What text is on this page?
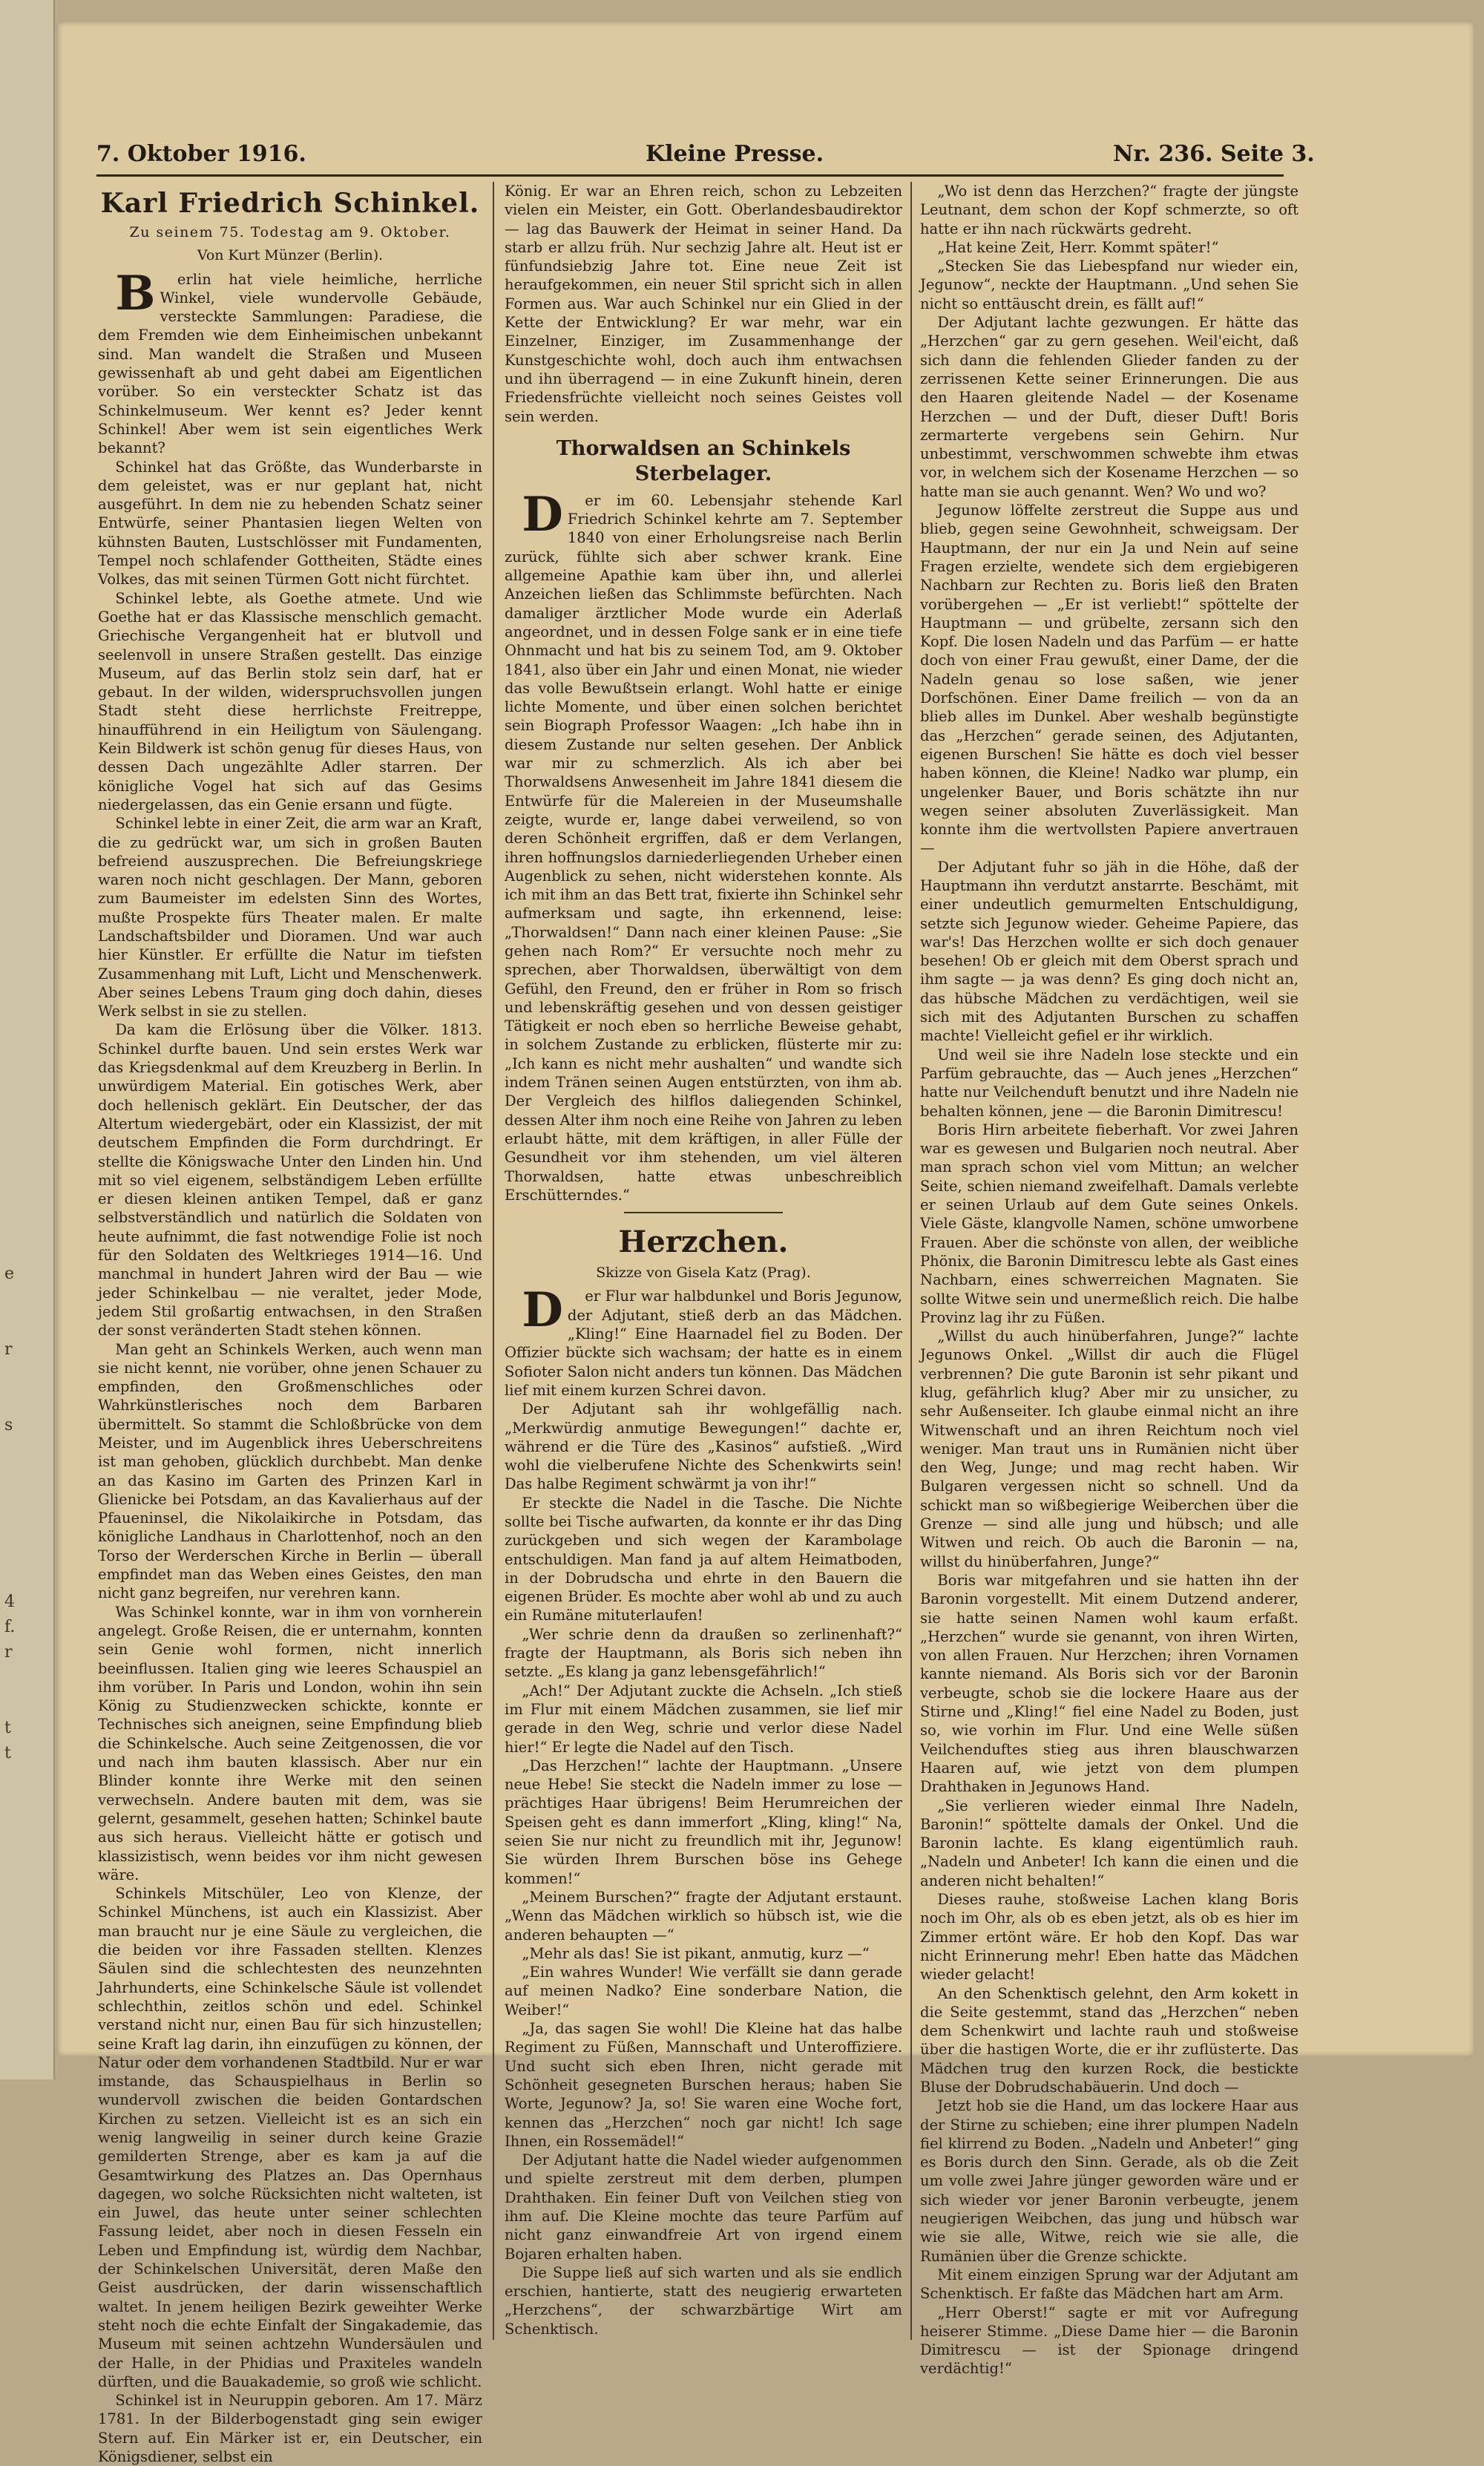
e

r

s

4
f.
r

t
t
7. Oktober 1916.	Kleine Presse.	Nr. 236. Seite 3.
Karl Friedrich Schinkel.
Zu seinem 75. Todestag am 9. Oktober.
Von Kurt Münzer (Berlin).

Berlin hat viele heimliche, herrliche Winkel, viele wundervolle Gebäude, versteckte Sammlungen: Paradiese, die dem Fremden wie dem Einheimischen unbekannt sind. Man wandelt die Straßen und Museen gewissenhaft ab und geht dabei am Eigentlichen vorüber. So ein versteckter Schatz ist das Schinkelmuseum. Wer kennt es? Jeder kennt Schinkel! Aber wem ist sein eigentliches Werk bekannt?

Schinkel hat das Größte, das Wunderbarste in dem geleistet, was er nur geplant hat, nicht ausgeführt. In dem nie zu hebenden Schatz seiner Entwürfe, seiner Phantasien liegen Welten von kühnsten Bauten, Lustschlösser mit Fundamenten, Tempel noch schlafender Gottheiten, Städte eines Volkes, das mit seinen Türmen Gott nicht fürchtet.

Schinkel lebte, als Goethe atmete. Und wie Goethe hat er das Klassische menschlich gemacht. Griechische Vergangenheit hat er blutvoll und seelenvoll in unsere Straßen gestellt. Das einzige Museum, auf das Berlin stolz sein darf, hat er gebaut. In der wilden, widerspruchsvollen jungen Stadt steht diese herrlichste Freitreppe, hinaufführend in ein Heiligtum von Säulengang. Kein Bildwerk ist schön genug für dieses Haus, von dessen Dach ungezählte Adler starren. Der königliche Vogel hat sich auf das Gesims niedergelassen, das ein Genie ersann und fügte.

Schinkel lebte in einer Zeit, die arm war an Kraft, die zu gedrückt war, um sich in großen Bauten befreiend auszusprechen. Die Befreiungskriege waren noch nicht geschlagen. Der Mann, geboren zum Baumeister im edelsten Sinn des Wortes, mußte Prospekte fürs Theater malen. Er malte Landschaftsbilder und Dioramen. Und war auch hier Künstler. Er erfüllte die Natur im tiefsten Zusammenhang mit Luft, Licht und Menschenwerk. Aber seines Lebens Traum ging doch dahin, dieses Werk selbst in sie zu stellen.

Da kam die Erlösung über die Völker. 1813. Schinkel durfte bauen. Und sein erstes Werk war das Kriegsdenkmal auf dem Kreuzberg in Berlin. In unwürdigem Material. Ein gotisches Werk, aber doch hellenisch geklärt. Ein Deutscher, der das Altertum wiedergebärt, oder ein Klassizist, der mit deutschem Empfinden die Form durchdringt. Er stellte die Königswache Unter den Linden hin. Und mit so viel eigenem, selbständigem Leben erfüllte er diesen kleinen antiken Tempel, daß er ganz selbstverständlich und natürlich die Soldaten von heute aufnimmt, die fast notwendige Folie ist noch für den Soldaten des Weltkrieges 1914—16. Und manchmal in hundert Jahren wird der Bau — wie jeder Schinkelbau — nie veraltet, jeder Mode, jedem Stil großartig entwachsen, in den Straßen der sonst veränderten Stadt stehen können.

Man geht an Schinkels Werken, auch wenn man sie nicht kennt, nie vorüber, ohne jenen Schauer zu empfinden, den Großmenschliches oder Wahrkünstlerisches noch dem Barbaren übermittelt. So stammt die Schloßbrücke von dem Meister, und im Augenblick ihres Ueberschreitens ist man gehoben, glücklich durchbebt. Man denke an das Kasino im Garten des Prinzen Karl in Glienicke bei Potsdam, an das Kavalierhaus auf der Pfaueninsel, die Nikolaikirche in Potsdam, das königliche Landhaus in Charlottenhof, noch an den Torso der Werderschen Kirche in Berlin — überall empfindet man das Weben eines Geistes, den man nicht ganz begreifen, nur verehren kann.

Was Schinkel konnte, war in ihm von vornherein angelegt. Große Reisen, die er unternahm, konnten sein Genie wohl formen, nicht innerlich beeinflussen. Italien ging wie leeres Schauspiel an ihm vorüber. In Paris und London, wohin ihn sein König zu Studienzwecken schickte, konnte er Technisches sich aneignen, seine Empfindung blieb die Schinkelsche. Auch seine Zeitgenossen, die vor und nach ihm bauten klassisch. Aber nur ein Blinder konnte ihre Werke mit den seinen verwechseln. Andere bauten mit dem, was sie gelernt, gesammelt, gesehen hatten; Schinkel baute aus sich heraus. Vielleicht hätte er gotisch und klassizistisch, wenn beides vor ihm nicht gewesen wäre.

Schinkels Mitschüler, Leo von Klenze, der Schinkel Münchens, ist auch ein Klassizist. Aber man braucht nur je eine Säule zu vergleichen, die die beiden vor ihre Fassaden stellten. Klenzes Säulen sind die schlechtesten des neunzehnten Jahrhunderts, eine Schinkelsche Säule ist vollendet schlechthin, zeitlos schön und edel. Schinkel verstand nicht nur, einen Bau für sich hinzustellen; seine Kraft lag darin, ihn einzufügen zu können, der Natur oder dem vorhandenen Stadtbild. Nur er war imstande, das Schauspielhaus in Berlin so wundervoll zwischen die beiden Gontardschen Kirchen zu setzen. Vielleicht ist es an sich ein wenig langweilig in seiner durch keine Grazie gemilderten Strenge, aber es kam ja auf die Gesamtwirkung des Platzes an. Das Opernhaus dagegen, wo solche Rücksichten nicht walteten, ist ein Juwel, das heute unter seiner schlechten Fassung leidet, aber noch in diesen Fesseln ein Leben und Empfindung ist, würdig dem Nachbar, der Schinkelschen Universität, deren Maße den Geist ausdrücken, der darin wissenschaftlich waltet. In jenem heiligen Bezirk geweihter Werke steht noch die echte Einfalt der Singakademie, das Museum mit seinen achtzehn Wundersäulen und der Halle, in der Phidias und Praxiteles wandeln dürften, und die Bauakademie, so groß wie schlicht.

Schinkel ist in Neuruppin geboren. Am 17. März 1781. In der Bilderbogenstadt ging sein ewiger Stern auf. Ein Märker ist er, ein Deutscher, ein Königsdiener, selbst ein

König. Er war an Ehren reich, schon zu Lebzeiten vielen ein Meister, ein Gott. Oberlandesbaudirektor — lag das Bauwerk der Heimat in seiner Hand. Da starb er allzu früh. Nur sechzig Jahre alt. Heut ist er fünfundsiebzig Jahre tot. Eine neue Zeit ist heraufgekommen, ein neuer Stil spricht sich in allen Formen aus. War auch Schinkel nur ein Glied in der Kette der Entwicklung? Er war mehr, war ein Einzelner, Einziger, im Zusammenhange der Kunstgeschichte wohl, doch auch ihm entwachsen und ihn überragend — in eine Zukunft hinein, deren Friedensfrüchte vielleicht noch seines Geistes voll sein werden.

Thorwaldsen an Schinkels Sterbelager.

Der im 60. Lebensjahr stehende Karl Friedrich Schinkel kehrte am 7. September 1840 von einer Erholungsreise nach Berlin zurück, fühlte sich aber schwer krank. Eine allgemeine Apathie kam über ihn, und allerlei Anzeichen ließen das Schlimmste befürchten. Nach damaliger ärztlicher Mode wurde ein Aderlaß angeordnet, und in dessen Folge sank er in eine tiefe Ohnmacht und hat bis zu seinem Tod, am 9. Oktober 1841, also über ein Jahr und einen Monat, nie wieder das volle Bewußtsein erlangt. Wohl hatte er einige lichte Momente, und über einen solchen berichtet sein Biograph Professor Waagen: „Ich habe ihn in diesem Zustande nur selten gesehen. Der Anblick war mir zu schmerzlich. Als ich aber bei Thorwaldsens Anwesenheit im Jahre 1841 diesem die Entwürfe für die Malereien in der Museumshalle zeigte, wurde er, lange dabei verweilend, so von deren Schönheit ergriffen, daß er dem Verlangen, ihren hoffnungslos darniederliegenden Urheber einen Augenblick zu sehen, nicht widerstehen konnte. Als ich mit ihm an das Bett trat, fixierte ihn Schinkel sehr aufmerksam und sagte, ihn erkennend, leise: „Thorwaldsen!“ Dann nach einer kleinen Pause: „Sie gehen nach Rom?“ Er versuchte noch mehr zu sprechen, aber Thorwaldsen, überwältigt von dem Gefühl, den Freund, den er früher in Rom so frisch und lebenskräftig gesehen und von dessen geistiger Tätigkeit er noch eben so herrliche Beweise gehabt, in solchem Zustande zu erblicken, flüsterte mir zu: „Ich kann es nicht mehr aushalten“ und wandte sich indem Tränen seinen Augen entstürzten, von ihm ab. Der Vergleich des hilflos daliegenden Schinkel, dessen Alter ihm noch eine Reihe von Jahren zu leben erlaubt hätte, mit dem kräftigen, in aller Fülle der Gesundheit vor ihm stehenden, um viel älteren Thorwaldsen, hatte etwas unbeschreiblich Erschütterndes.“

Herzchen.
Skizze von Gisela Katz (Prag).

Der Flur war halbdunkel und Boris Jegunow, der Adjutant, stieß derb an das Mädchen. „Kling!“ Eine Haarnadel fiel zu Boden. Der Offizier bückte sich wachsam; der hatte es in einem Sofioter Salon nicht anders tun können. Das Mädchen lief mit einem kurzen Schrei davon.

Der Adjutant sah ihr wohlgefällig nach. „Merkwürdig anmutige Bewegungen!“ dachte er, während er die Türe des „Kasinos“ aufstieß. „Wird wohl die vielberufene Nichte des Schenkwirts sein! Das halbe Regiment schwärmt ja von ihr!“

Er steckte die Nadel in die Tasche. Die Nichte sollte bei Tische aufwarten, da konnte er ihr das Ding zurückgeben und sich wegen der Karambolage entschuldigen. Man fand ja auf altem Heimatboden, in der Dobrudscha und ehrte in den Bauern die eigenen Brüder. Es mochte aber wohl ab und zu auch ein Rumäne mituterlaufen!

„Wer schrie denn da draußen so zerlinenhaft?“ fragte der Hauptmann, als Boris sich neben ihn setzte. „Es klang ja ganz lebensgefährlich!“

„Ach!“ Der Adjutant zuckte die Achseln. „Ich stieß im Flur mit einem Mädchen zusammen, sie lief mir gerade in den Weg, schrie und verlor diese Nadel hier!“ Er legte die Nadel auf den Tisch.

„Das Herzchen!“ lachte der Hauptmann. „Unsere neue Hebe! Sie steckt die Nadeln immer zu lose — prächtiges Haar übrigens! Beim Herumreichen der Speisen geht es dann immerfort „Kling, kling!“ Na, seien Sie nur nicht zu freundlich mit ihr, Jegunow! Sie würden Ihrem Burschen böse ins Gehege kommen!“

„Meinem Burschen?“ fragte der Adjutant erstaunt. „Wenn das Mädchen wirklich so hübsch ist, wie die anderen behaupten —“

„Mehr als das! Sie ist pikant, anmutig, kurz —“

„Ein wahres Wunder! Wie verfällt sie dann gerade auf meinen Nadko? Eine sonderbare Nation, die Weiber!“

„Ja, das sagen Sie wohl! Die Kleine hat das halbe Regiment zu Füßen, Mannschaft und Unteroffiziere. Und sucht sich eben Ihren, nicht gerade mit Schönheit gesegneten Burschen heraus; haben Sie Worte, Jegunow? Ja, so! Sie waren eine Woche fort, kennen das „Herzchen“ noch gar nicht! Ich sage Ihnen, ein Rossemädel!“

Der Adjutant hatte die Nadel wieder aufgenommen und spielte zerstreut mit dem derben, plumpen Drahthaken. Ein feiner Duft von Veilchen stieg von ihm auf. Die Kleine mochte das teure Parfüm auf nicht ganz einwandfreie Art von irgend einem Bojaren erhalten haben.

Die Suppe ließ auf sich warten und als sie endlich erschien, hantierte, statt des neugierig erwarteten „Herzchens“, der schwarzbärtige Wirt am Schenktisch.

„Wo ist denn das Herzchen?“ fragte der jüngste Leutnant, dem schon der Kopf schmerzte, so oft hatte er ihn nach rückwärts gedreht.

„Hat keine Zeit, Herr. Kommt später!“

„Stecken Sie das Liebespfand nur wieder ein, Jegunow“, neckte der Hauptmann. „Und sehen Sie nicht so enttäuscht drein, es fällt auf!“

Der Adjutant lachte gezwungen. Er hätte das „Herzchen“ gar zu gern gesehen. Weil'eicht, daß sich dann die fehlenden Glieder fanden zu der zerrissenen Kette seiner Erinnerungen. Die aus den Haaren gleitende Nadel — der Kosename Herzchen — und der Duft, dieser Duft! Boris zermarterte vergebens sein Gehirn. Nur unbestimmt, verschwommen schwebte ihm etwas vor, in welchem sich der Kosename Herzchen — so hatte man sie auch genannt. Wen? Wo und wo?

Jegunow löffelte zerstreut die Suppe aus und blieb, gegen seine Gewohnheit, schweigsam. Der Hauptmann, der nur ein Ja und Nein auf seine Fragen erzielte, wendete sich dem ergiebigeren Nachbarn zur Rechten zu. Boris ließ den Braten vorübergehen — „Er ist verliebt!“ spöttelte der Hauptmann — und grübelte, zersann sich den Kopf. Die losen Nadeln und das Parfüm — er hatte doch von einer Frau gewußt, einer Dame, der die Nadeln genau so lose saßen, wie jener Dorfschönen. Einer Dame freilich — von da an blieb alles im Dunkel. Aber weshalb begünstigte das „Herzchen“ gerade seinen, des Adjutanten, eigenen Burschen! Sie hätte es doch viel besser haben können, die Kleine! Nadko war plump, ein ungelenker Bauer, und Boris schätzte ihn nur wegen seiner absoluten Zuverlässigkeit. Man konnte ihm die wertvollsten Papiere anvertrauen —

Der Adjutant fuhr so jäh in die Höhe, daß der Hauptmann ihn verdutzt anstarrte. Beschämt, mit einer undeutlich gemurmelten Entschuldigung, setzte sich Jegunow wieder. Geheime Papiere, das war's! Das Herzchen wollte er sich doch genauer besehen! Ob er gleich mit dem Oberst sprach und ihm sagte — ja was denn? Es ging doch nicht an, das hübsche Mädchen zu verdächtigen, weil sie sich mit des Adjutanten Burschen zu schaffen machte! Vielleicht gefiel er ihr wirklich.

Und weil sie ihre Nadeln lose steckte und ein Parfüm gebrauchte, das — Auch jenes „Herzchen“ hatte nur Veilchenduft benutzt und ihre Nadeln nie behalten können, jene — die Baronin Dimitrescu!

Boris Hirn arbeitete fieberhaft. Vor zwei Jahren war es gewesen und Bulgarien noch neutral. Aber man sprach schon viel vom Mittun; an welcher Seite, schien niemand zweifelhaft. Damals verlebte er seinen Urlaub auf dem Gute seines Onkels. Viele Gäste, klangvolle Namen, schöne umworbene Frauen. Aber die schönste von allen, der weibliche Phönix, die Baronin Dimitrescu lebte als Gast eines Nachbarn, eines schwerreichen Magnaten. Sie sollte Witwe sein und unermeßlich reich. Die halbe Provinz lag ihr zu Füßen.

„Willst du auch hinüberfahren, Junge?“ lachte Jegunows Onkel. „Willst dir auch die Flügel verbrennen? Die gute Baronin ist sehr pikant und klug, gefährlich klug? Aber mir zu unsicher, zu sehr Außenseiter. Ich glaube einmal nicht an ihre Witwenschaft und an ihren Reichtum noch viel weniger. Man traut uns in Rumänien nicht über den Weg, Junge; und mag recht haben. Wir Bulgaren vergessen nicht so schnell. Und da schickt man so wißbegierige Weiberchen über die Grenze — sind alle jung und hübsch; und alle Witwen und reich. Ob auch die Baronin — na, willst du hinüberfahren, Junge?“

Boris war mitgefahren und sie hatten ihn der Baronin vorgestellt. Mit einem Dutzend anderer, sie hatte seinen Namen wohl kaum erfaßt. „Herzchen“ wurde sie genannt, von ihren Wirten, von allen Frauen. Nur Herzchen; ihren Vornamen kannte niemand. Als Boris sich vor der Baronin verbeugte, schob sie die lockere Haare aus der Stirne und „Kling!“ fiel eine Nadel zu Boden, just so, wie vorhin im Flur. Und eine Welle süßen Veilchenduftes stieg aus ihren blauschwarzen Haaren auf, wie jetzt von dem plumpen Drahthaken in Jegunows Hand.

„Sie verlieren wieder einmal Ihre Nadeln, Baronin!“ spöttelte damals der Onkel. Und die Baronin lachte. Es klang eigentümlich rauh. „Nadeln und Anbeter! Ich kann die einen und die anderen nicht behalten!“

Dieses rauhe, stoßweise Lachen klang Boris noch im Ohr, als ob es eben jetzt, als ob es hier im Zimmer ertönt wäre. Er hob den Kopf. Das war nicht Erinnerung mehr! Eben hatte das Mädchen wieder gelacht!

An den Schenktisch gelehnt, den Arm kokett in die Seite gestemmt, stand das „Herzchen“ neben dem Schenkwirt und lachte rauh und stoßweise über die hastigen Worte, die er ihr zuflüsterte. Das Mädchen trug den kurzen Rock, die bestickte Bluse der Dobrudschabäuerin. Und doch —

Jetzt hob sie die Hand, um das lockere Haar aus der Stirne zu schieben; eine ihrer plumpen Nadeln fiel klirrend zu Boden. „Nadeln und Anbeter!“ ging es Boris durch den Sinn. Gerade, als ob die Zeit um volle zwei Jahre jünger geworden wäre und er sich wieder vor jener Baronin verbeugte, jenem neugierigen Weibchen, das jung und hübsch war wie sie alle, Witwe, reich wie sie alle, die Rumänien über die Grenze schickte.

Mit einem einzigen Sprung war der Adjutant am Schenktisch. Er faßte das Mädchen hart am Arm.

„Herr Oberst!“ sagte er mit vor Aufregung heiserer Stimme. „Diese Dame hier — die Baronin Dimitrescu — ist der Spionage dringend verdächtig!“
